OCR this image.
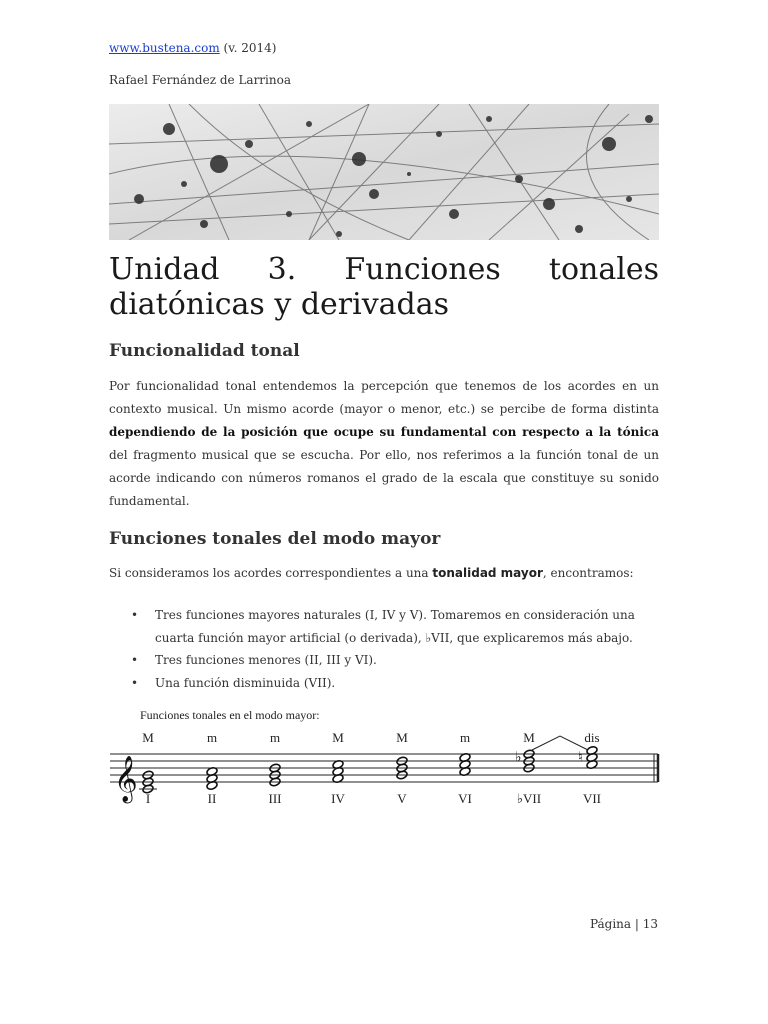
www.bustena.com (v. 2014)
Rafael Fernández de Larrinoa
Unidad 3. Funciones tonales diatónicas y derivadas
Funcionalidad tonal

Por funcionalidad tonal entendemos la percepción que tenemos de los acordes en un contexto musical. Un mismo acorde (mayor o menor, etc.) se percibe de forma distinta dependiendo de la posición que ocupe su fundamental con respecto a la tónica del fragmento musical que se escucha. Por ello, nos referimos a la función tonal de un acorde indicando con números romanos el grado de la escala que constituye su sonido fundamental.

Funciones tonales del modo mayor

Si consideramos los acordes correspondientes a una tonalidad mayor, encontramos:

• Tres funciones mayores naturales (I, IV y V). Tomaremos en consideración una cuarta función mayor artificial (o derivada), ♭VII, que explicaremos más abajo.
• Tres funciones menores (II, III y VI).
• Una función disminuida (VII).
Funciones tonales en el modo mayor:
𝄞
M	m	m	M	M	m	M	dis
I	II	III	IV	V	VI	♭VII	VII
♭	♮
Página | 13
